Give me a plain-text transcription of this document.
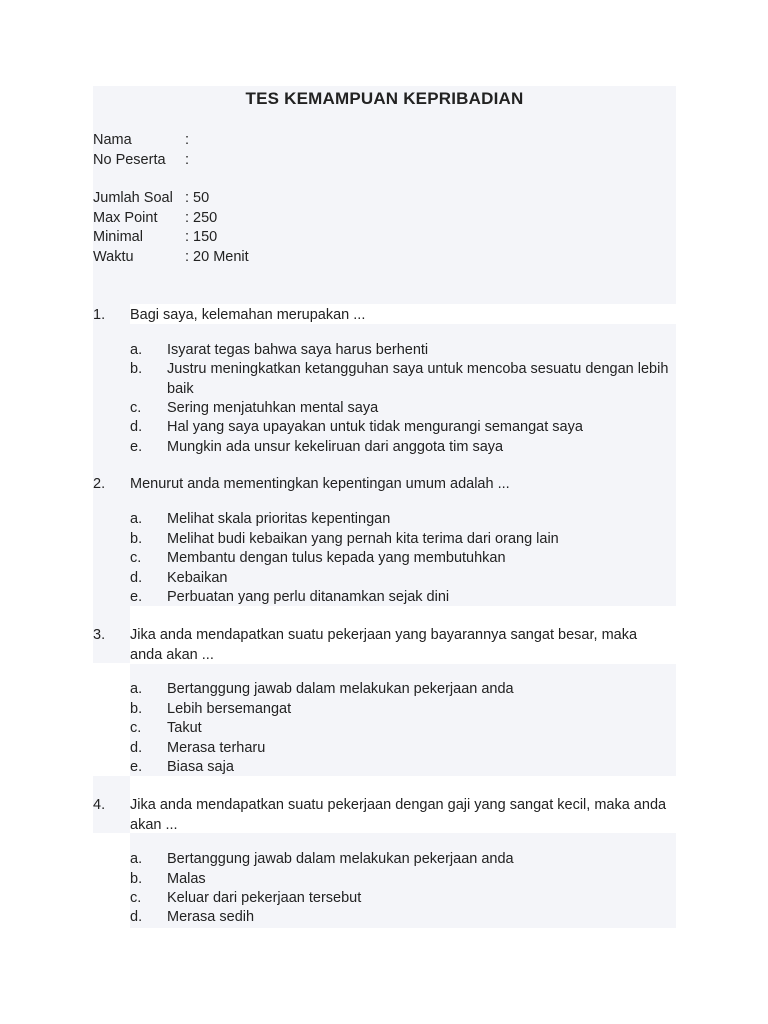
TES KEMAMPUAN KEPRIBADIAN
Nama	:
No Peserta :
Jumlah Soal : 50
Max Point : 250
Minimal	: 150
Waktu	: 20 Menit
1. Bagi saya, kelemahan merupakan ...
a. Isyarat tegas bahwa saya harus berhenti
b. Justru meningkatkan ketangguhan saya untuk mencoba sesuatu dengan lebih baik
c. Sering menjatuhkan mental saya
d. Hal yang saya upayakan untuk tidak mengurangi semangat saya
e. Mungkin ada unsur kekeliruan dari anggota tim saya
2. Menurut anda mementingkan kepentingan umum adalah ...
a. Melihat skala prioritas kepentingan
b. Melihat budi kebaikan yang pernah kita terima dari orang lain
c. Membantu dengan tulus kepada yang membutuhkan
d. Kebaikan
e. Perbuatan yang perlu ditanamkan sejak dini
3. Jika anda mendapatkan suatu pekerjaan yang bayarannya sangat besar, maka anda akan ...
a. Bertanggung jawab dalam melakukan pekerjaan anda
b. Lebih bersemangat
c. Takut
d. Merasa terharu
e. Biasa saja
4. Jika anda mendapatkan suatu pekerjaan dengan gaji yang sangat kecil, maka anda akan ...
a. Bertanggung jawab dalam melakukan pekerjaan anda
b. Malas
c. Keluar dari pekerjaan tersebut
d. Merasa sedih
